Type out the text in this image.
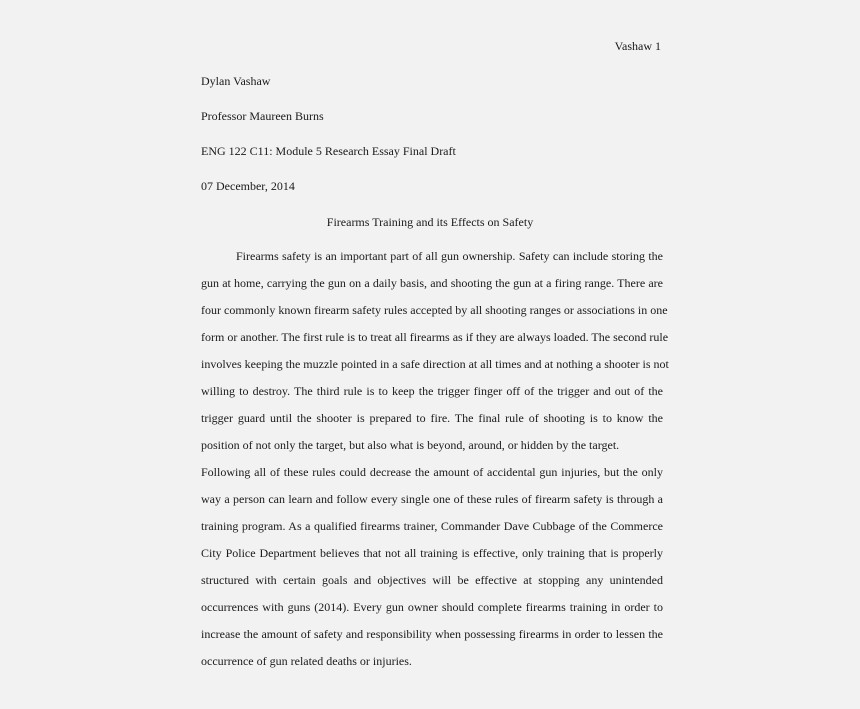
Vashaw 1
Dylan Vashaw
Professor Maureen Burns
ENG 122 C11: Module 5 Research Essay Final Draft
07 December, 2014
Firearms Training and its Effects on Safety
Firearms safety is an important part of all gun ownership. Safety can include storing the
gun at home, carrying the gun on a daily basis, and shooting the gun at a firing range. There are
four commonly known firearm safety rules accepted by all shooting ranges or associations in one
form or another. The first rule is to treat all firearms as if they are always loaded. The second rule
involves keeping the muzzle pointed in a safe direction at all times and at nothing a shooter is not
willing to destroy. The third rule is to keep the trigger finger off of the trigger and out of the
trigger guard until the shooter is prepared to fire. The final rule of shooting is to know the
position of not only the target, but also what is beyond, around, or hidden by the target.
Following all of these rules could decrease the amount of accidental gun injuries, but the only
way a person can learn and follow every single one of these rules of firearm safety is through a
training program. As a qualified firearms trainer, Commander Dave Cubbage of the Commerce
City Police Department believes that not all training is effective, only training that is properly
structured with certain goals and objectives will be effective at stopping any unintended
occurrences with guns (2014). Every gun owner should complete firearms training in order to
increase the amount of safety and responsibility when possessing firearms in order to lessen the
occurrence of gun related deaths or injuries.
